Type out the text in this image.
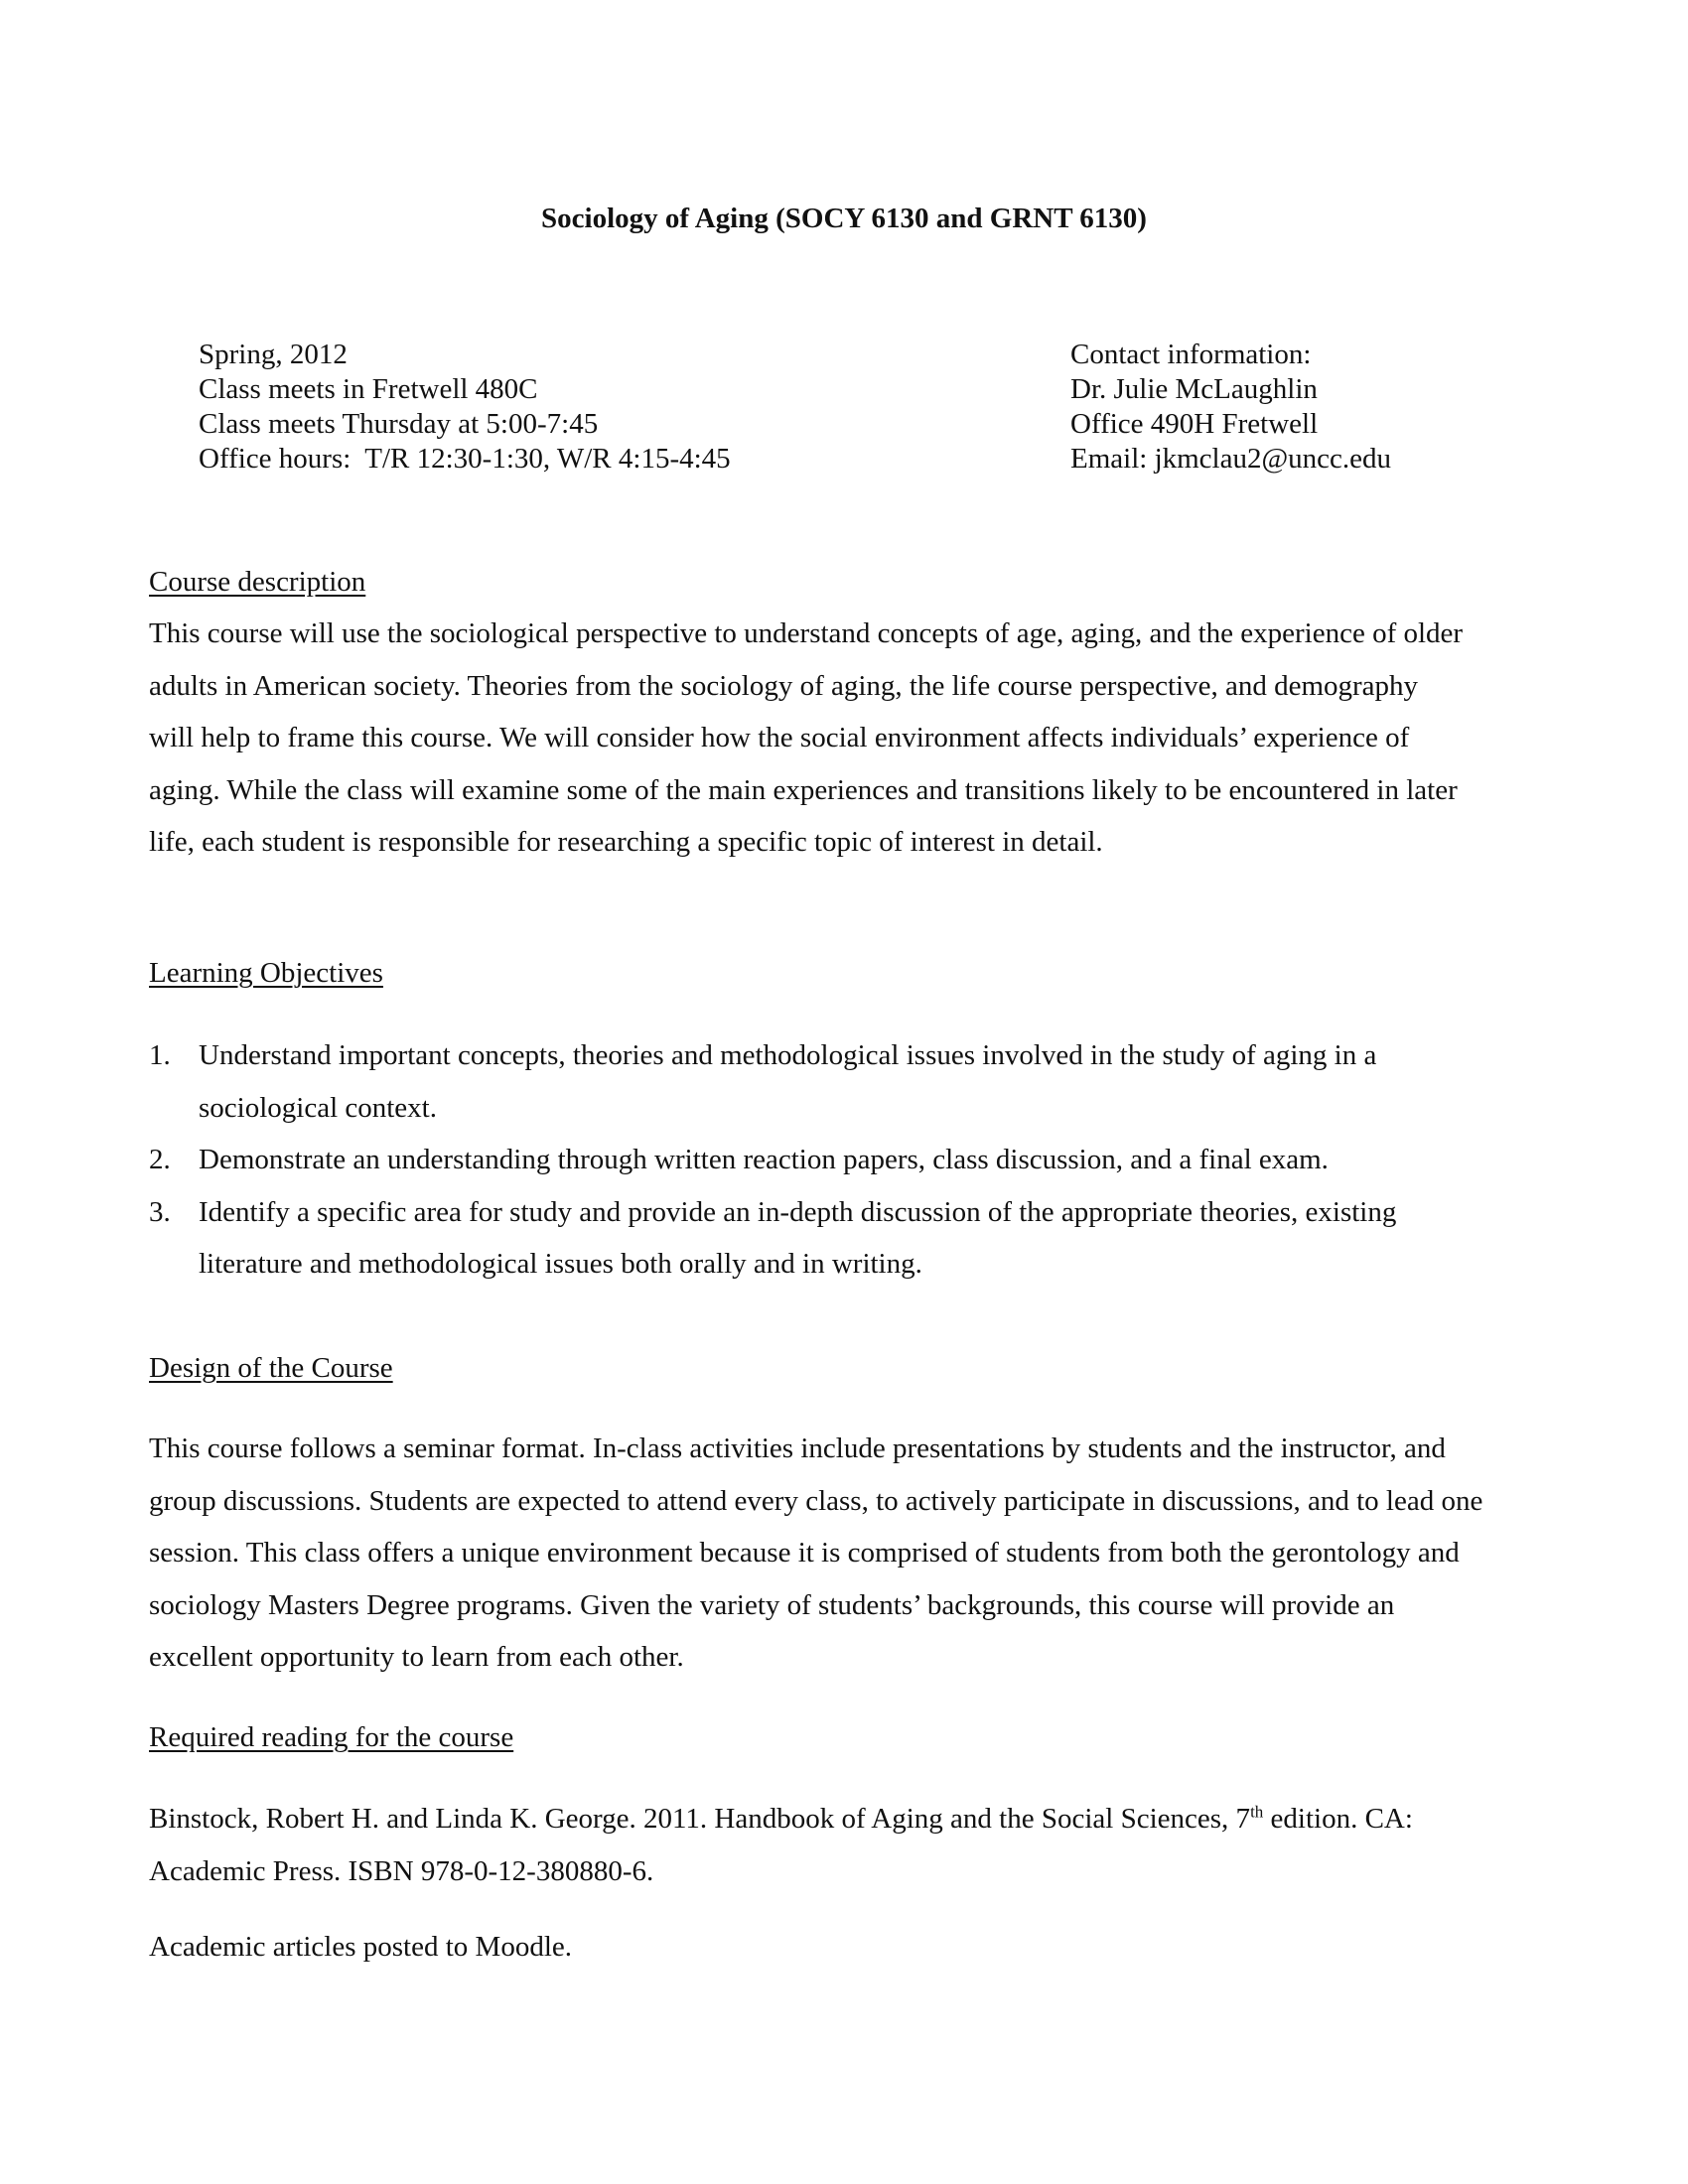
Sociology of Aging (SOCY 6130 and GRNT 6130)
Spring, 2012
Class meets in Fretwell 480C
Class meets Thursday at 5:00-7:45
Office hours:  T/R 12:30-1:30, W/R 4:15-4:45
Contact information:
Dr. Julie McLaughlin
Office 490H Fretwell
Email: jkmclau2@uncc.edu
Course description
This course will use the sociological perspective to understand concepts of age, aging, and the experience of older
adults in American society. Theories from the sociology of aging, the life course perspective, and demography
will help to frame this course. We will consider how the social environment affects individuals’ experience of
aging. While the class will examine some of the main experiences and transitions likely to be encountered in later
life, each student is responsible for researching a specific topic of interest in detail.
Learning Objectives
1. Understand important concepts, theories and methodological issues involved in the study of aging in a
sociological context.
2. Demonstrate an understanding through written reaction papers, class discussion, and a final exam.
3. Identify a specific area for study and provide an in-depth discussion of the appropriate theories, existing
literature and methodological issues both orally and in writing.
Design of the Course
This course follows a seminar format. In-class activities include presentations by students and the instructor, and
group discussions. Students are expected to attend every class, to actively participate in discussions, and to lead one
session. This class offers a unique environment because it is comprised of students from both the gerontology and
sociology Masters Degree programs. Given the variety of students’ backgrounds, this course will provide an
excellent opportunity to learn from each other.
Required reading for the course
Binstock, Robert H. and Linda K. George. 2011. Handbook of Aging and the Social Sciences, 7th edition. CA:
Academic Press. ISBN 978-0-12-380880-6.
Academic articles posted to Moodle.
